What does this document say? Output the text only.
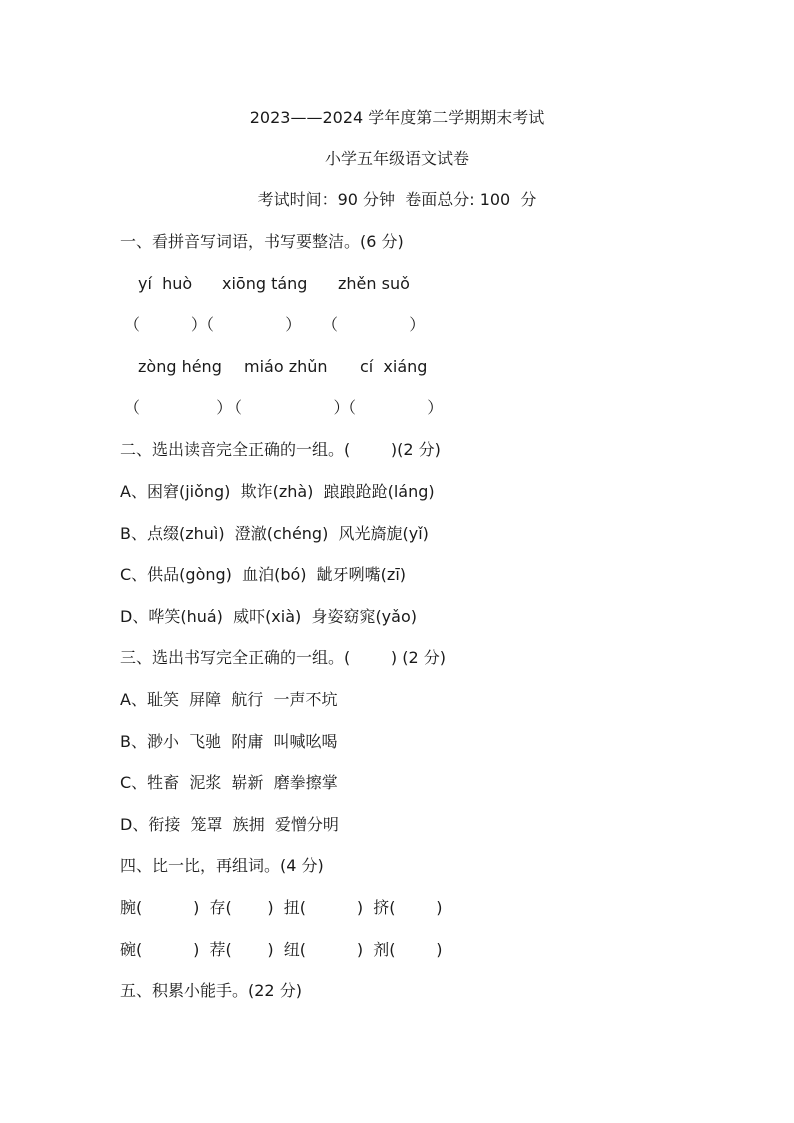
2023——2024 学年度第二学期期末考试
小学五年级语文试卷
考试时间：90 分钟  卷面总分: 100  分
一、看拼音写词语，书写要整洁。(6 分)
yí  huò xiōng táng zhěn suǒ
（          ）
（              ） （              ）
zòng héng miáo zhǔn cí  xiáng
（               ）
（                  ）
（              ）
二、选出读音完全正确的一组。(        )(2 分)
A、困窘(jiǒng)  欺诈(zhà)  踉踉跄跄(láng)
B、点缀(zhuì)  澄澈(chéng)  风光旖旎(yǐ)
C、供品(gòng)  血泊(bó)  龇牙咧嘴(zī)
D、哗笑(huá)  威吓(xià)  身姿窈窕(yǎo)
三、选出书写完全正确的一组。(        ) (2 分)
A、耻笑  屏障  航行  一声不坑
B、渺小  飞驰  附庸  叫喊吆喝
C、牲畜  泥浆  崭新  磨拳擦掌
D、衔接  笼罩  族拥  爱憎分明
四、比一比，再组词。(4 分)
腕(          )  存(       )  扭(          )  挤(        )
碗(          )  荐(       )  纽(          )  剂(        )
五、积累小能手。(22 分)
